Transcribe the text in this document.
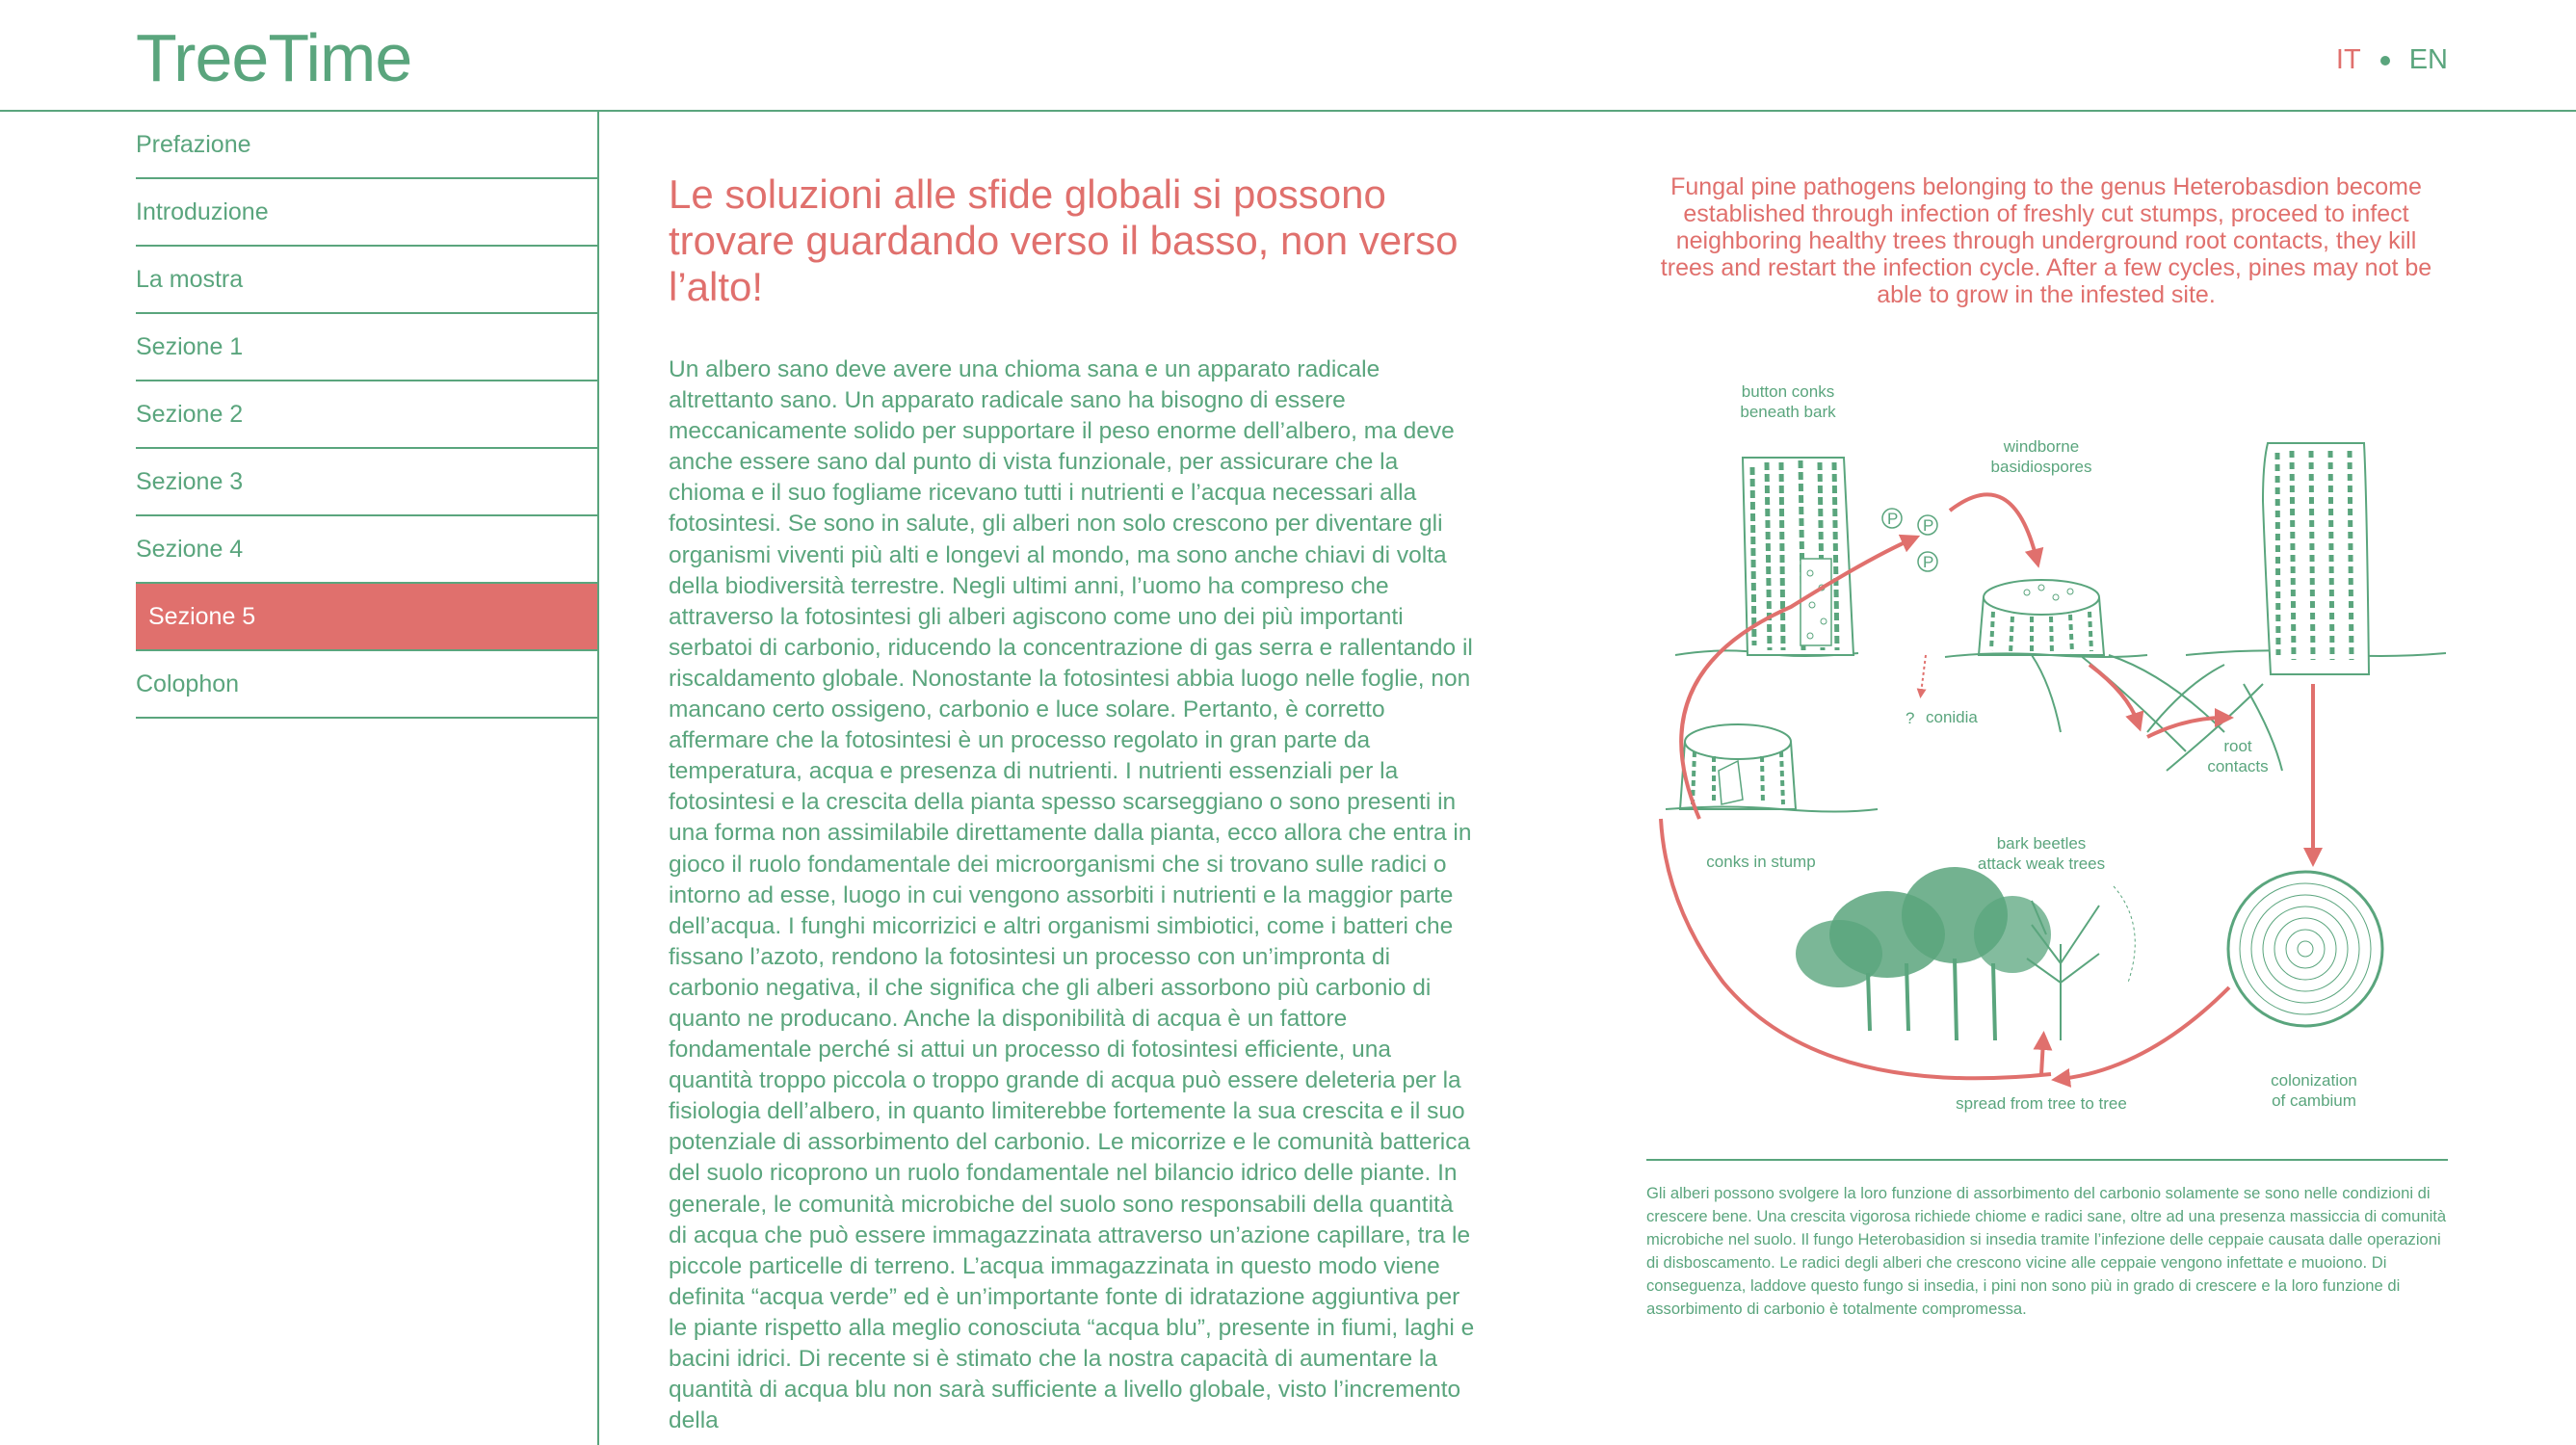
TreeTime	IT EN
Prefazione
Introduzione
La mostra
Sezione 1
Sezione 2
Sezione 3
Sezione 4
Sezione 5
Colophon
Le soluzioni alle sfide globali si possono trovare guardando verso il basso, non verso l’alto!

Un albero sano deve avere una chioma sana e un apparato radicale altrettanto sano. Un apparato radicale sano ha bisogno di essere meccanicamente solido per supportare il peso enorme dell’albero, ma deve anche essere sano dal punto di vista funzionale, per assicurare che la chioma e il suo fogliame ricevano tutti i nutrienti e l’acqua necessari alla fotosintesi. Se sono in salute, gli alberi non solo crescono per diventare gli organismi viventi più alti e longevi al mondo, ma sono anche chiavi di volta della biodiversità terrestre. Negli ultimi anni, l’uomo ha compreso che attraverso la fotosintesi gli alberi agiscono come uno dei più importanti serbatoi di carbonio, riducendo la concentrazione di gas serra e rallentando il riscaldamento globale. Nonostante la fotosintesi abbia luogo nelle foglie, non mancano certo ossigeno, carbonio e luce solare. Pertanto, è corretto affermare che la fotosintesi è un processo regolato in gran parte da temperatura, acqua e presenza di nutrienti. I nutrienti essenziali per la fotosintesi e la crescita della pianta spesso scarseggiano o sono presenti in una forma non assimilabile direttamente dalla pianta, ecco allora che entra in gioco il ruolo fondamentale dei microorganismi che si trovano sulle radici o intorno ad esse, luogo in cui vengono assorbiti i nutrienti e la maggior parte dell’acqua. I funghi micorrizici e altri organismi simbiotici, come i batteri che fissano l’azoto, rendono la fotosintesi un processo con un’impronta di carbonio negativa, il che significa che gli alberi assorbono più carbonio di quanto ne producano. Anche la disponibilità di acqua è un fattore fondamentale perché si attui un processo di fotosintesi efficiente, una quantità troppo piccola o troppo grande di acqua può essere deleteria per la fisiologia dell’albero, in quanto limiterebbe fortemente la sua crescita e il suo potenziale di assorbimento del carbonio. Le micorrize e le comunità batterica del suolo ricoprono un ruolo fondamentale nel bilancio idrico delle piante. In generale, le comunità microbiche del suolo sono responsabili della quantità di acqua che può essere immagazzinata attraverso un’azione capillare, tra le piccole particelle di terreno. L’acqua immagazzinata in questo modo viene definita “acqua verde” ed è un’importante fonte di idratazione aggiuntiva per le piante rispetto alla meglio conosciuta “acqua blu”, presente in fiumi, laghi e bacini idrici. Di recente si è stimato che la nostra capacità di aumentare la quantità di acqua blu non sarà sufficiente a livello globale, visto l’incremento della

Fungal pine pathogens belonging to the genus Heterobasdion become established through infection of freshly cut stumps, proceed to infect neighboring healthy trees through underground root contacts, they kill trees and restart the infection cycle. After a few cycles, pines may not be able to grow in the infested site.

P P
P
button conks
beneath bark
windborne
basidiospores
? conidia
root
contacts
conks in stump
bark beetles
attack weak trees
spread from tree to tree
colonization
of cambium

Gli alberi possono svolgere la loro funzione di assorbimento del carbonio solamente se sono nelle condizioni di crescere bene. Una crescita vigorosa richiede chiome e radici sane, oltre ad una presenza massiccia di comunità microbiche nel suolo. Il fungo Heterobasidion si insedia tramite l’infezione delle ceppaie causata dalle operazioni di disboscamento. Le radici degli alberi che crescono vicine alle ceppaie vengono infettate e muoiono. Di conseguenza, laddove questo fungo si insedia, i pini non sono più in grado di crescere e la loro funzione di assorbimento di carbonio è totalmente compromessa.
